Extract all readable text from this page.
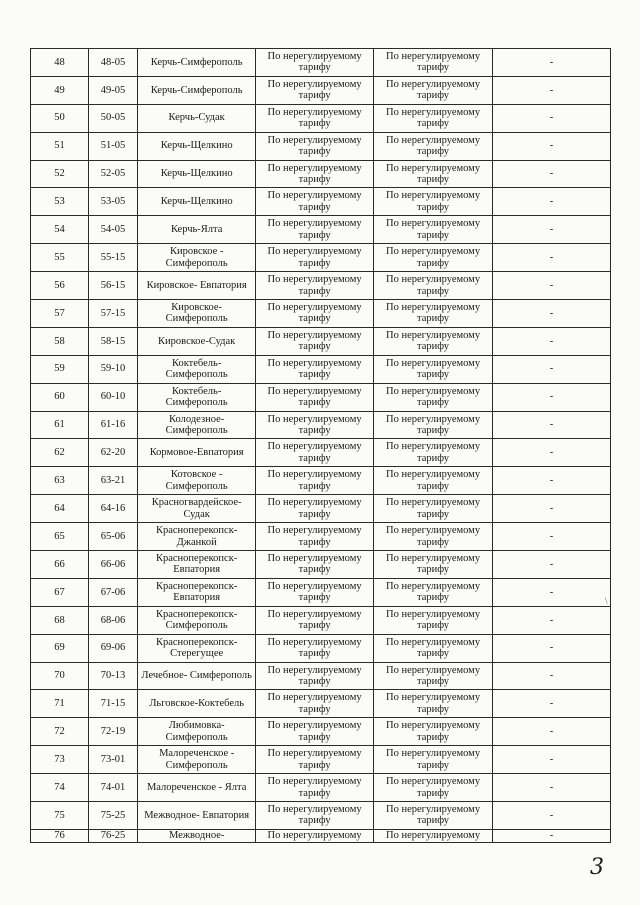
48	48-05	Керчь-Симферополь	По нерегулируемому тарифу	По нерегулируемому тарифу	-
49	49-05	Керчь-Симферополь	По нерегулируемому тарифу	По нерегулируемому тарифу	-
50	50-05	Керчь-Судак	По нерегулируемому тарифу	По нерегулируемому тарифу	-
51	51-05	Керчь-Щелкино	По нерегулируемому тарифу	По нерегулируемому тарифу	-
52	52-05	Керчь-Щелкино	По нерегулируемому тарифу	По нерегулируемому тарифу	-
53	53-05	Керчь-Щелкино	По нерегулируемому тарифу	По нерегулируемому тарифу	-
54	54-05	Керчь-Ялта	По нерегулируемому тарифу	По нерегулируемому тарифу	-
55	55-15	Кировское - Симферополь	По нерегулируемому тарифу	По нерегулируемому тарифу	-
56	56-15	Кировское- Евпатория	По нерегулируемому тарифу	По нерегулируемому тарифу	-
57	57-15	Кировское- Симферополь	По нерегулируемому тарифу	По нерегулируемому тарифу	-
58	58-15	Кировское-Судак	По нерегулируемому тарифу	По нерегулируемому тарифу	-
59	59-10	Коктебель- Симферополь	По нерегулируемому тарифу	По нерегулируемому тарифу	-
60	60-10	Коктебель- Симферополь	По нерегулируемому тарифу	По нерегулируемому тарифу	-
61	61-16	Колодезное- Симферополь	По нерегулируемому тарифу	По нерегулируемому тарифу	-
62	62-20	Кормовое-Евпатория	По нерегулируемому тарифу	По нерегулируемому тарифу	-
63	63-21	Котовское - Симферополь	По нерегулируемому тарифу	По нерегулируемому тарифу	-
64	64-16	Красногвардейское- Судак	По нерегулируемому тарифу	По нерегулируемому тарифу	-
65	65-06	Красноперекопск- Джанкой	По нерегулируемому тарифу	По нерегулируемому тарифу	-
66	66-06	Красноперекопск- Евпатория	По нерегулируемому тарифу	По нерегулируемому тарифу	-
67	67-06	Красноперекопск- Евпатория	По нерегулируемому тарифу	По нерегулируемому тарифу	-
68	68-06	Красноперекопск- Симферополь	По нерегулируемому тарифу	По нерегулируемому тарифу	-
69	69-06	Красноперекопск- Стерегущее	По нерегулируемому тарифу	По нерегулируемому тарифу	-
70	70-13	Лечебное- Симферополь	По нерегулируемому тарифу	По нерегулируемому тарифу	-
71	71-15	Льговское-Коктебель	По нерегулируемому тарифу	По нерегулируемому тарифу	-
72	72-19	Любимовка- Симферополь	По нерегулируемому тарифу	По нерегулируемому тарифу	-
73	73-01	Малореченское - Симферополь	По нерегулируемому тарифу	По нерегулируемому тарифу	-
74	74-01	Малореченское - Ялта	По нерегулируемому тарифу	По нерегулируемому тарифу	-
75	75-25	Межводное- Евпатория	По нерегулируемому тарифу	По нерегулируемому тарифу	-
76	76-25	Межводное-	По нерегулируемому	По нерегулируемому	-
\
3
